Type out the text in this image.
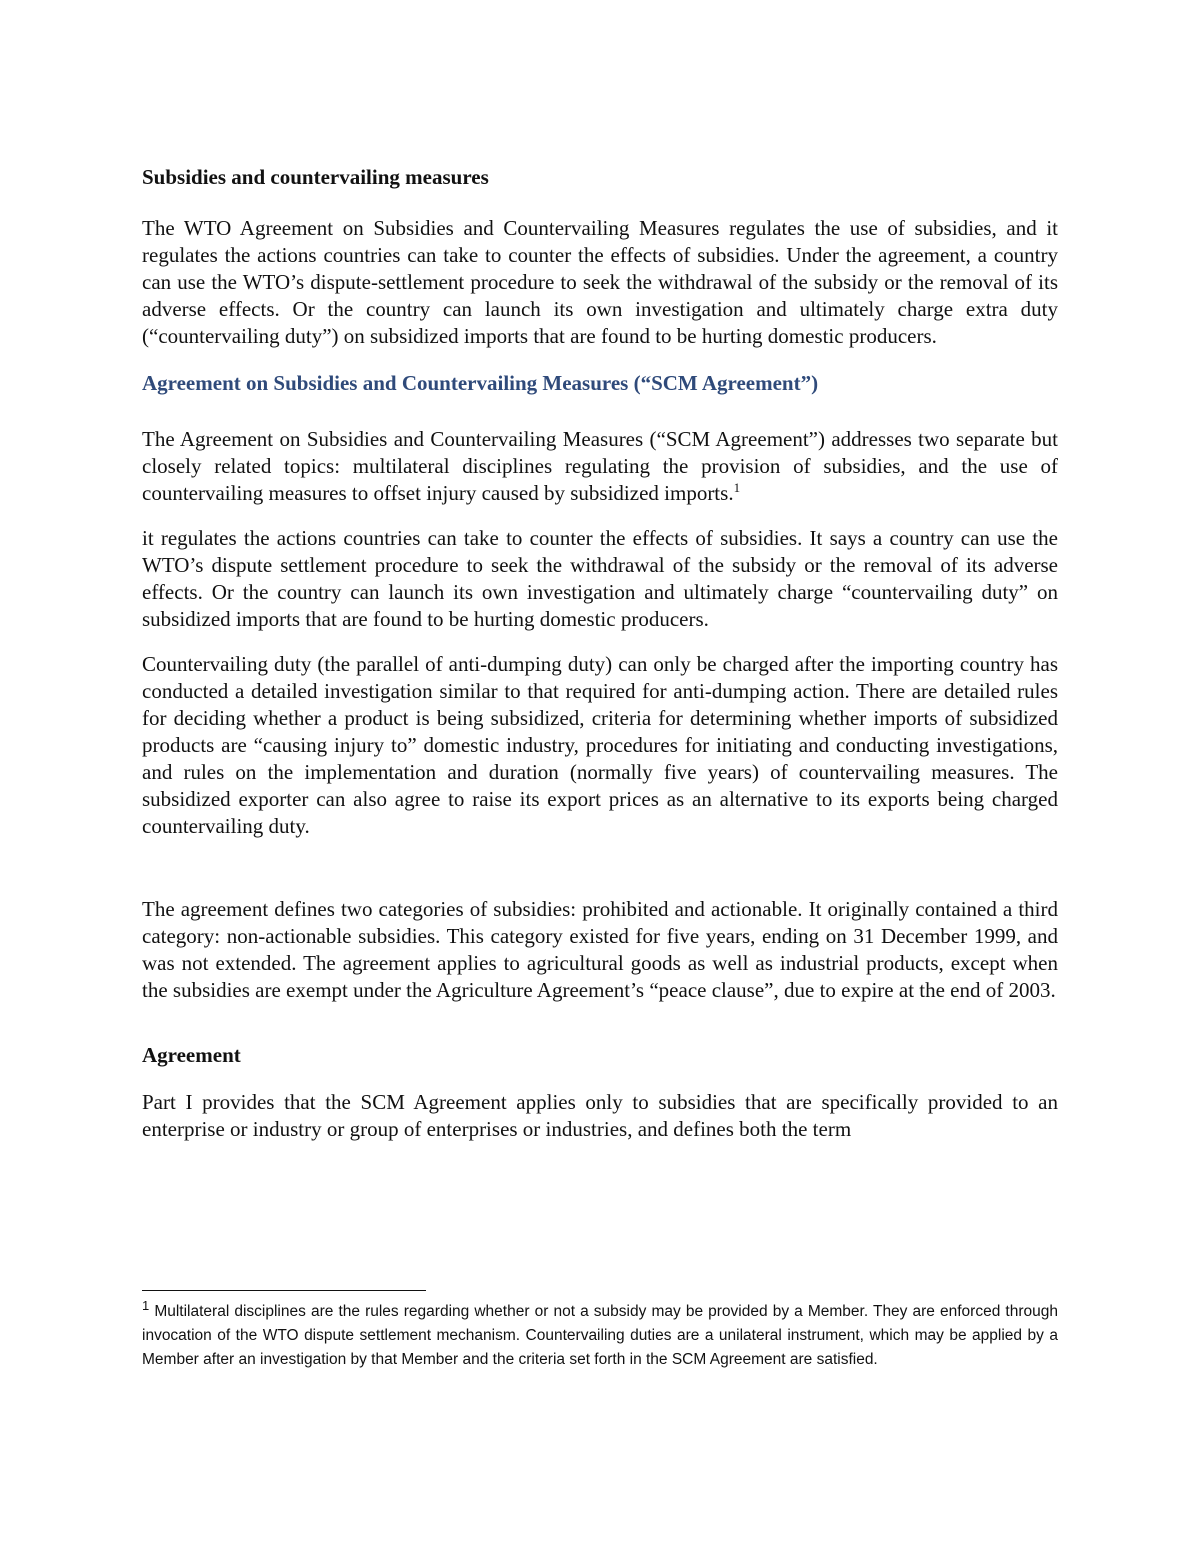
Subsidies and countervailing measures

The WTO Agreement on Subsidies and Countervailing Measures regulates the use of subsidies, and it regulates the actions countries can take to counter the effects of subsidies. Under the agreement, a country can use the WTO’s dispute-settlement procedure to seek the withdrawal of the subsidy or the removal of its adverse effects. Or the country can launch its own investigation and ultimately charge extra duty (“countervailing duty”) on subsidized imports that are found to be hurting domestic producers.

Agreement on Subsidies and Countervailing Measures (“SCM Agreement”)

The Agreement on Subsidies and Countervailing Measures (“SCM Agreement”) addresses two separate but closely related topics: multilateral disciplines regulating the provision of subsidies, and the use of countervailing measures to offset injury caused by subsidized imports.$^1$

it regulates the actions countries can take to counter the effects of subsidies. It says a country can use the WTO’s dispute settlement procedure to seek the withdrawal of the subsidy or the removal of its adverse effects. Or the country can launch its own investigation and ultimately charge “countervailing duty” on subsidized imports that are found to be hurting domestic producers.

Countervailing duty (the parallel of anti-dumping duty) can only be charged after the importing country has conducted a detailed investigation similar to that required for anti-dumping action. There are detailed rules for deciding whether a product is being subsidized, criteria for determining whether imports of subsidized products are “causing injury to” domestic industry, procedures for initiating and conducting investigations, and rules on the implementation and duration (normally five years) of countervailing measures. The subsidized exporter can also agree to raise its export prices as an alternative to its exports being charged countervailing duty.

The agreement defines two categories of subsidies: prohibited and actionable. It originally contained a third category: non-actionable subsidies. This category existed for five years, ending on 31 December 1999, and was not extended. The agreement applies to agricultural goods as well as industrial products, except when the subsidies are exempt under the Agriculture Agreement’s “peace clause”, due to expire at the end of 2003.

Agreement

Part I provides that the SCM Agreement applies only to subsidies that are specifically provided to an enterprise or industry or group of enterprises or industries, and defines both the term

$^1$ Multilateral disciplines are the rules regarding whether or not a subsidy may be provided by a Member. They are enforced through invocation of the WTO dispute settlement mechanism. Countervailing duties are a unilateral instrument, which may be applied by a Member after an investigation by that Member and the criteria set forth in the SCM Agreement are satisfied.
